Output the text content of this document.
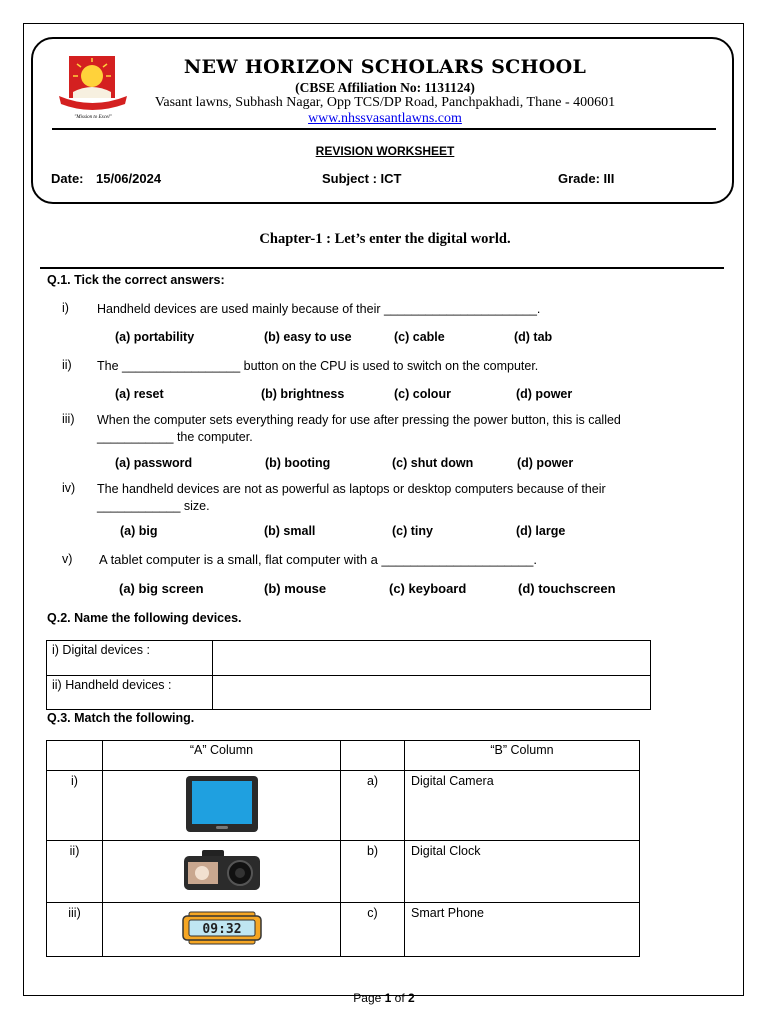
"Mission to Excel"
NEW HORIZON SCHOLARS SCHOOL
(CBSE Affiliation No: 1131124)
Vasant lawns, Subhash Nagar, Opp TCS/DP Road, Panchpakhadi, Thane - 400601
www.nhssvasantlawns.com
REVISION WORKSHEET
Date: 15/06/2024	Subject : ICT	Grade: III
Chapter-1 : Let’s enter the digital world.
Q.1. Tick the correct answers:
i) Handheld devices are used mainly because of their ______________________.
(a) portability	(b) easy to use	(c) cable	(d) tab
ii) The _________________ button on the CPU is used to switch on the computer.
(a) reset	(b) brightness	(c) colour	(d) power
iii) When the computer sets everything ready for use after pressing the power button, this is called ___________ the computer.
(a) password	(b) booting	(c) shut down	(d) power
iv) The handheld devices are not as powerful as laptops or desktop computers because of their ____________ size.
(a) big	(b) small	(c) tiny	(d) large
v) A tablet computer is a small, flat computer with a _____________________.
(a) big screen	(b) mouse	(c) keyboard	(d) touchscreen
Q.2. Name the following devices.
i) Digital devices :	
ii) Handheld devices :	
Q.3. Match the following.
	“A” Column		“B” Column
i)		a)	Digital Camera
ii)		b)	Digital Clock
iii)	09:32	c)	Smart Phone
Page 1 of 2
